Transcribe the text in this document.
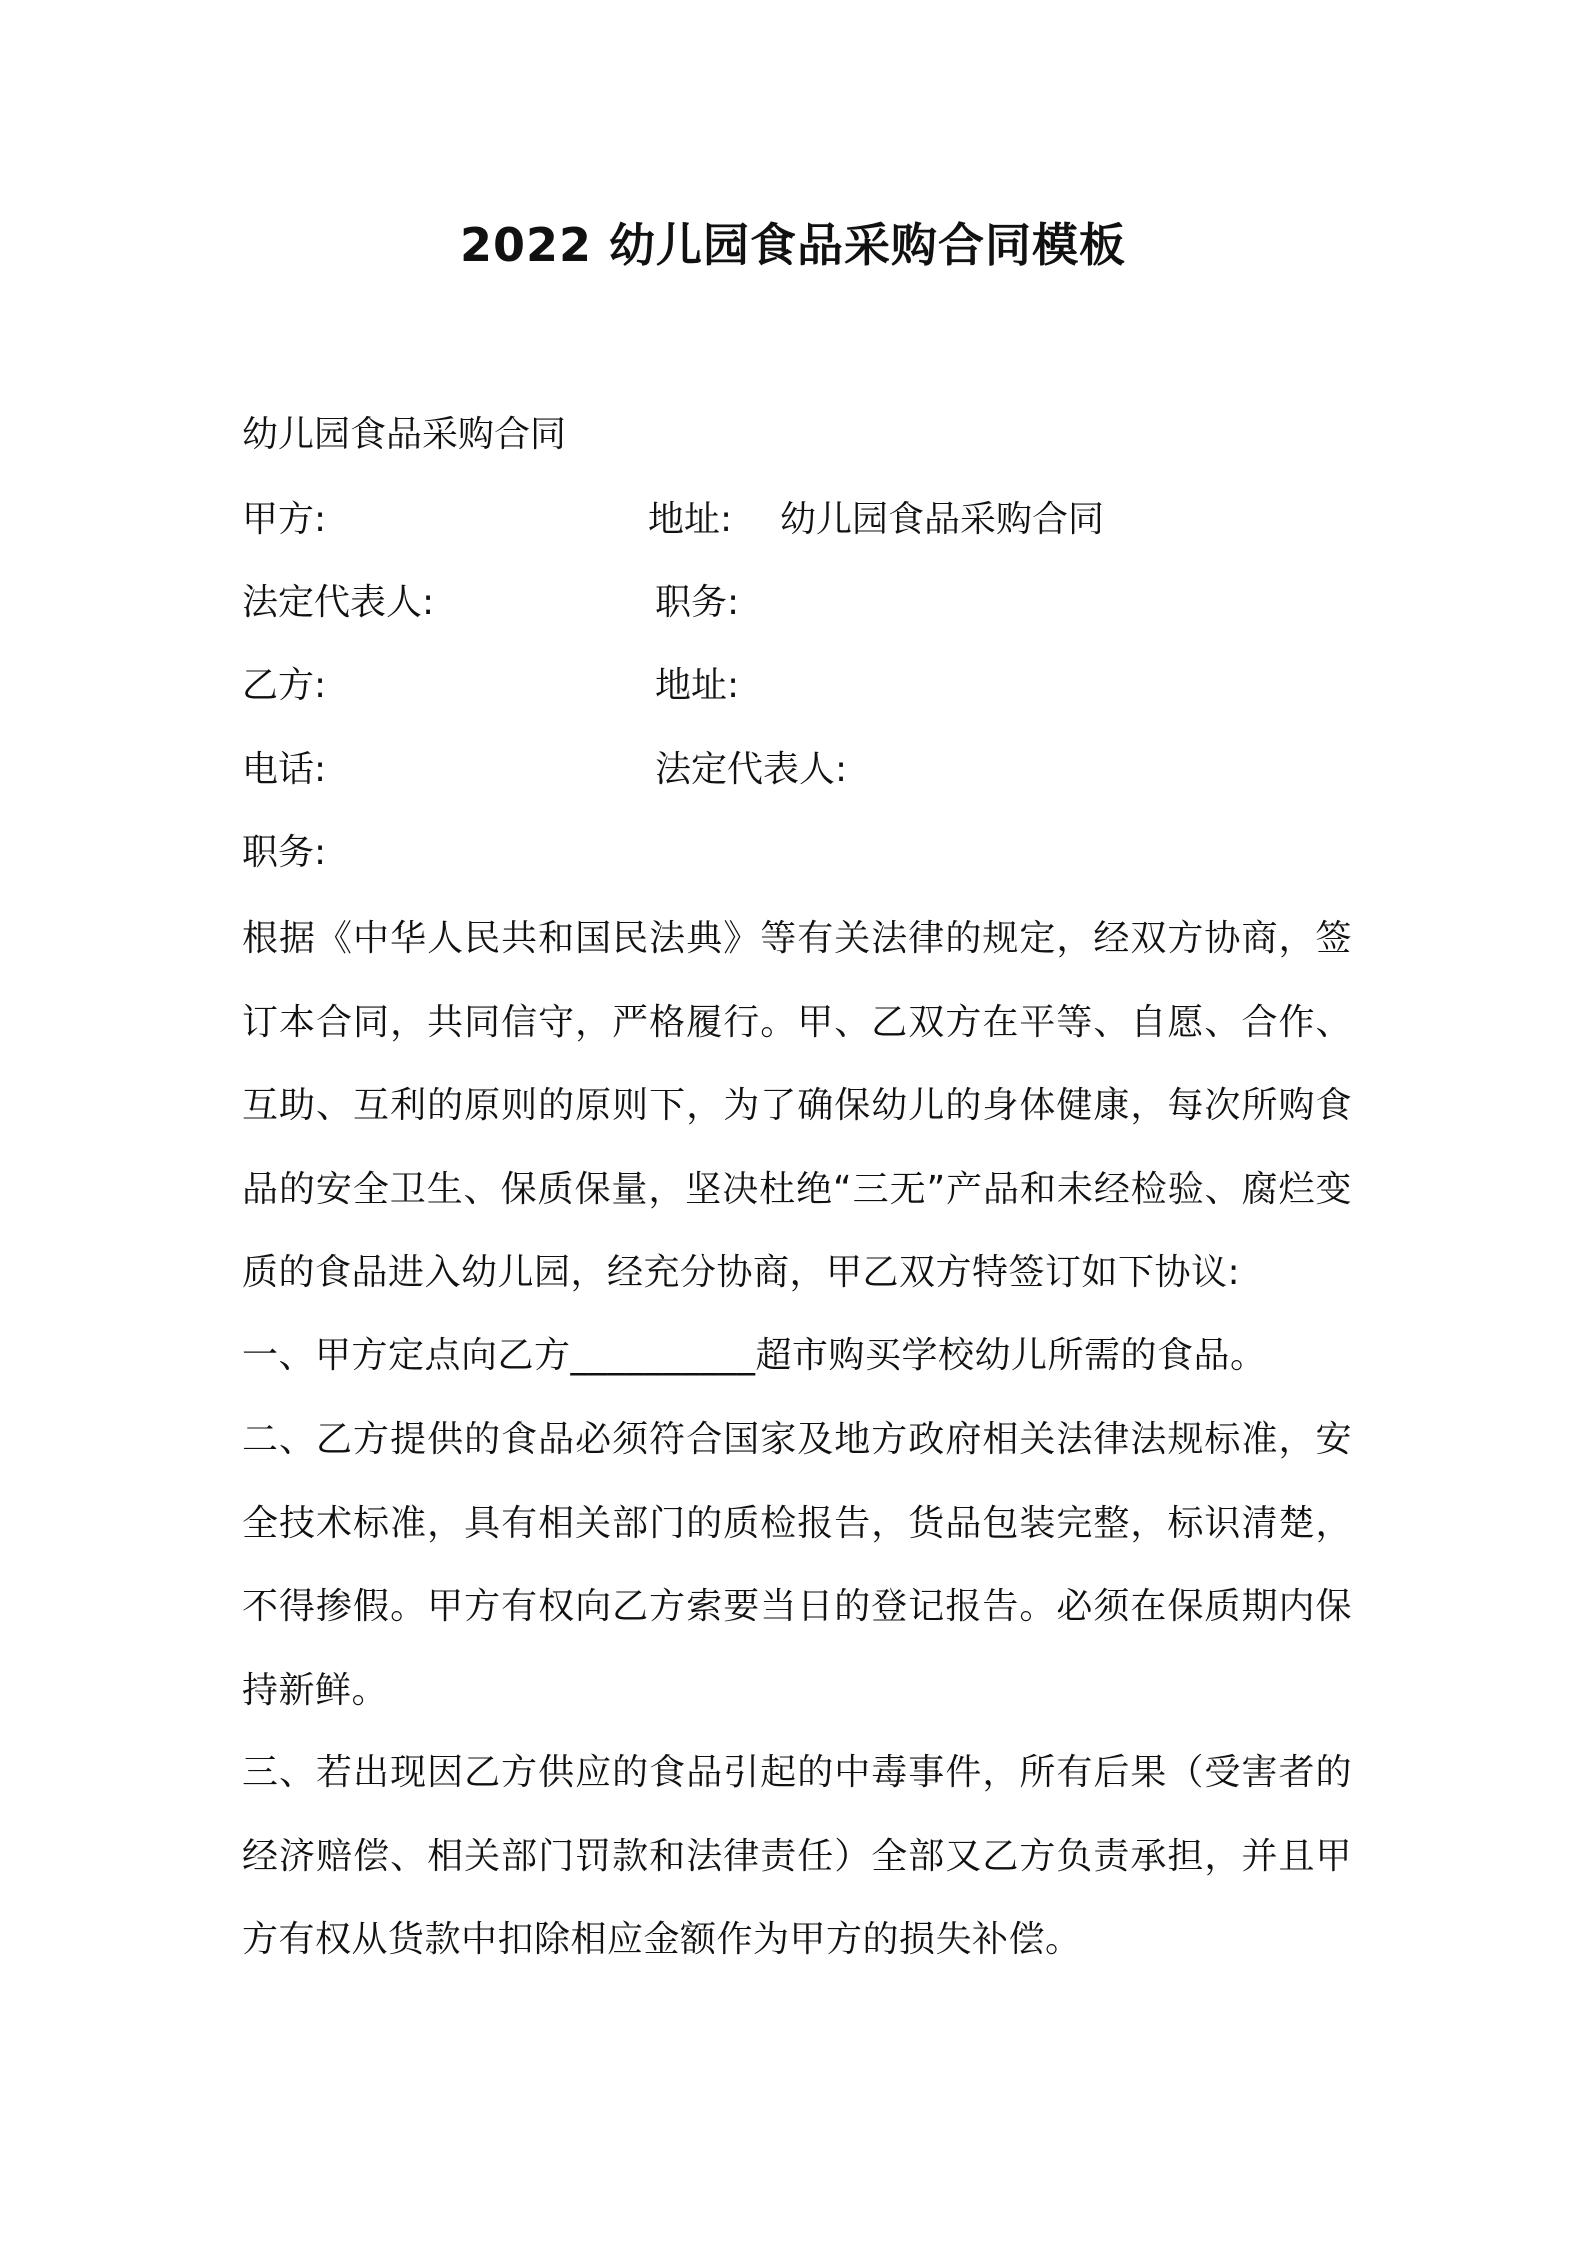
2022 幼儿园食品采购合同模板
幼儿园食品采购合同
甲方:	地址: 幼儿园食品采购合同
法定代表人:	职务:
乙方:	地址:
电话:	法定代表人:
职务:
根据《中华人民共和国民法典》等有关法律的规定，经双方协商，签订本合同，共同信守，严格履行。甲、乙双方在平等、自愿、合作、互助、互利的原则的原则下，为了确保幼儿的身体健康，每次所购食品的安全卫生、保质保量，坚决杜绝“三无”产品和未经检验、腐烂变质的食品进入幼儿园，经充分协商，甲乙双方特签订如下协议:
一、甲方定点向乙方__________超市购买学校幼儿所需的食品。
二、乙方提供的食品必须符合国家及地方政府相关法律法规标准，安全技术标准，具有相关部门的质检报告，货品包装完整，标识清楚，不得掺假。甲方有权向乙方索要当日的登记报告。必须在保质期内保持新鲜。
三、若出现因乙方供应的食品引起的中毒事件，所有后果（受害者的经济赔偿、相关部门罚款和法律责任）全部又乙方负责承担，并且甲方有权从货款中扣除相应金额作为甲方的损失补偿。
